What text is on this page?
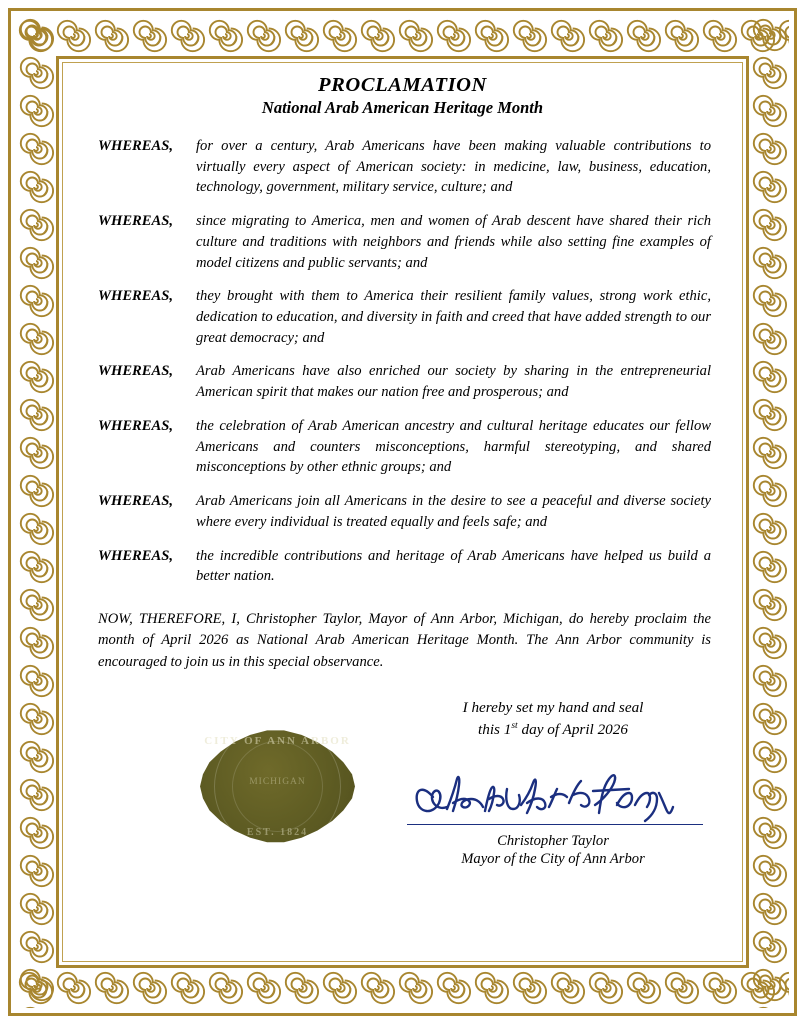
PROCLAMATION
National Arab American Heritage Month
WHEREAS,	for over a century, Arab Americans have been making valuable contributions to virtually every aspect of American society: in medicine, law, business, education, technology, government, military service, culture; and
WHEREAS,	since migrating to America, men and women of Arab descent have shared their rich culture and traditions with neighbors and friends while also setting fine examples of model citizens and public servants; and
WHEREAS,	they brought with them to America their resilient family values, strong work ethic, dedication to education, and diversity in faith and creed that have added strength to our great democracy; and
WHEREAS,	Arab Americans have also enriched our society by sharing in the entrepreneurial American spirit that makes our nation free and prosperous; and
WHEREAS,	the celebration of Arab American ancestry and cultural heritage educates our fellow Americans and counters misconceptions, harmful stereotyping, and shared misconceptions by other ethnic groups; and
WHEREAS,	Arab Americans join all Americans in the desire to see a peaceful and diverse society where every individual is treated equally and feels safe; and
WHEREAS,	the incredible contributions and heritage of Arab Americans have helped us build a better nation.
NOW, THEREFORE, I, Christopher Taylor, Mayor of Ann Arbor, Michigan, do hereby proclaim the month of April 2026 as National Arab American Heritage Month. The Ann Arbor community is encouraged to join us in this special observance.
CITY OF ANN ARBOR
MICHIGAN
EST. 1824
I hereby set my hand and seal
this 1st day of April 2026
Christopher Taylor
Mayor of the City of Ann Arbor
